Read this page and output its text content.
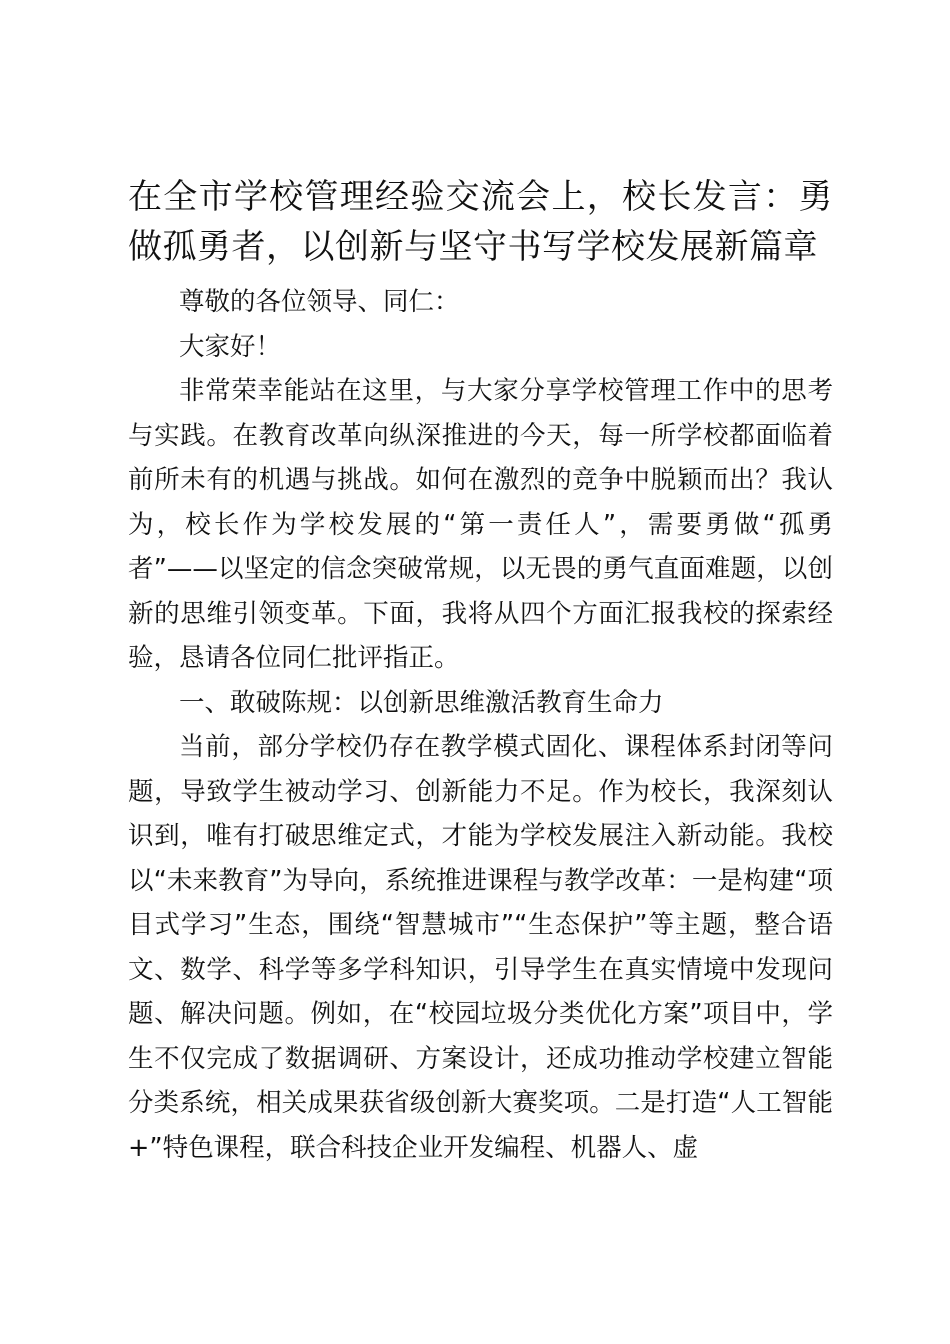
在全市学校管理经验交流会上，校长发言：勇做孤勇者，以创新与坚守书写学校发展新篇章

尊敬的各位领导、同仁：

大家好！

非常荣幸能站在这里，与大家分享学校管理工作中的思考与实践。在教育改革向纵深推进的今天，每一所学校都面临着前所未有的机遇与挑战。如何在激烈的竞争中脱颖而出？我认为，校长作为学校发展的“第一责任人”，需要勇做“孤勇者”——以坚定的信念突破常规，以无畏的勇气直面难题，以创新的思维引领变革。下面，我将从四个方面汇报我校的探索经验，恳请各位同仁批评指正。

一、敢破陈规：以创新思维激活教育生命力

当前，部分学校仍存在教学模式固化、课程体系封闭等问题，导致学生被动学习、创新能力不足。作为校长，我深刻认识到，唯有打破思维定式，才能为学校发展注入新动能。我校以“未来教育”为导向，系统推进课程与教学改革：一是构建“项目式学习”生态，围绕“智慧城市”“生态保护”等主题，整合语文、数学、科学等多学科知识，引导学生在真实情境中发现问题、解决问题。例如，在“校园垃圾分类优化方案”项目中，学生不仅完成了数据调研、方案设计，还成功推动学校建立智能分类系统，相关成果获省级创新大赛奖项。二是打造“人工智能+”特色课程，联合科技企业开发编程、机器人、虚
